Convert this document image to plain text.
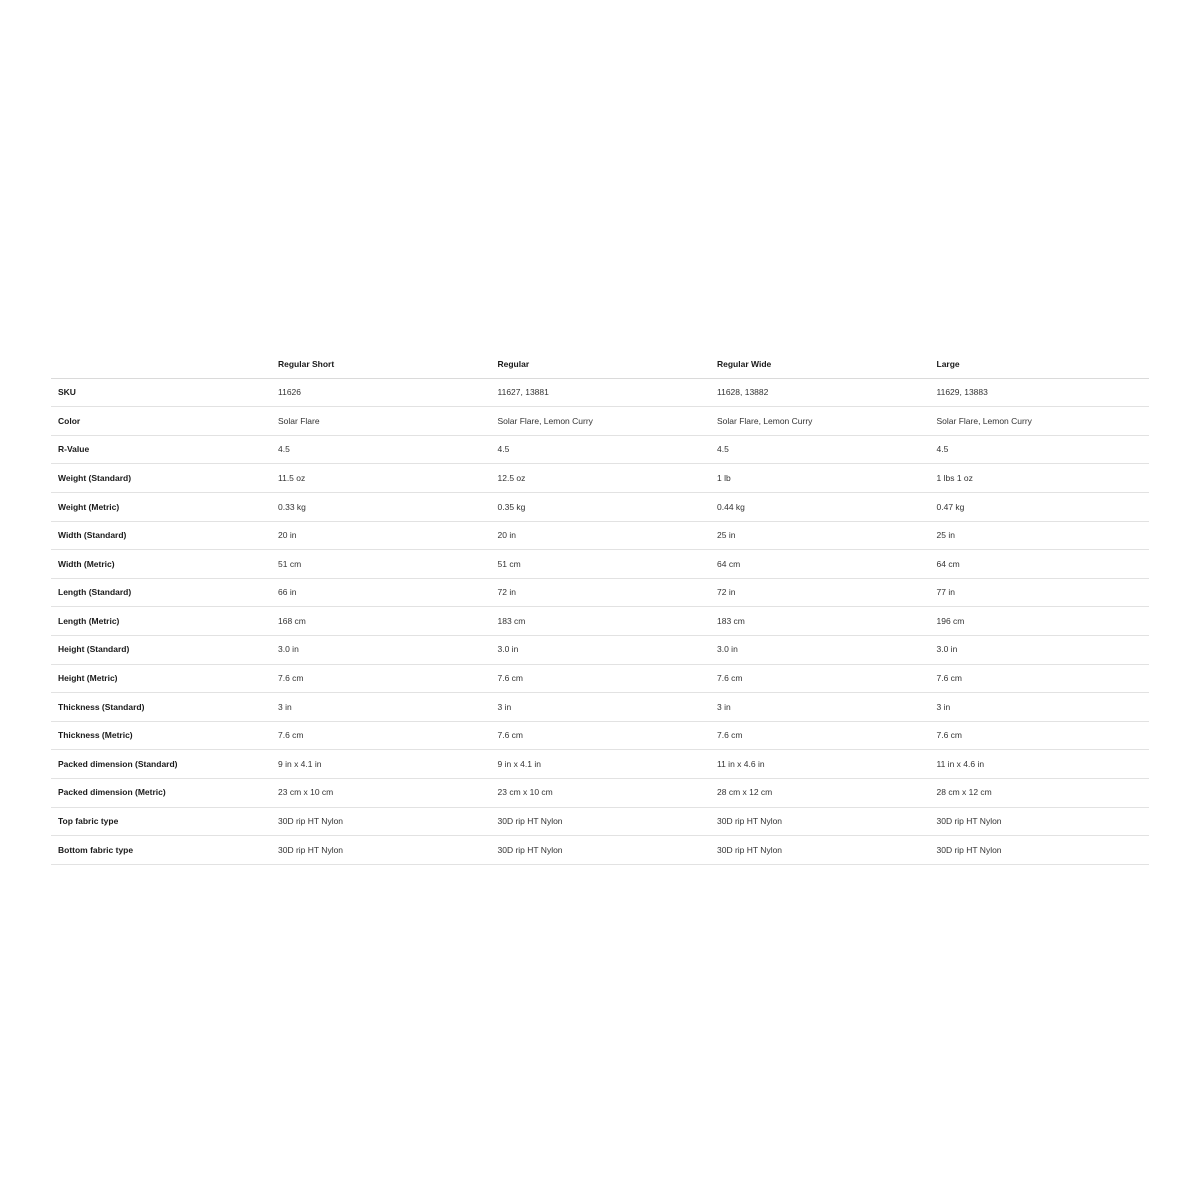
	Regular Short	Regular	Regular Wide	Large
SKU	11626	11627, 13881	11628, 13882	11629, 13883
Color	Solar Flare	Solar Flare, Lemon Curry	Solar Flare, Lemon Curry	Solar Flare, Lemon Curry
R-Value	4.5	4.5	4.5	4.5
Weight (Standard)	11.5 oz	12.5 oz	1 lb	1 lbs 1 oz
Weight (Metric)	0.33 kg	0.35 kg	0.44 kg	0.47 kg
Width (Standard)	20 in	20 in	25 in	25 in
Width (Metric)	51 cm	51 cm	64 cm	64 cm
Length (Standard)	66 in	72 in	72 in	77 in
Length (Metric)	168 cm	183 cm	183 cm	196 cm
Height (Standard)	3.0 in	3.0 in	3.0 in	3.0 in
Height (Metric)	7.6 cm	7.6 cm	7.6 cm	7.6 cm
Thickness (Standard)	3 in	3 in	3 in	3 in
Thickness (Metric)	7.6 cm	7.6 cm	7.6 cm	7.6 cm
Packed dimension (Standard)	9 in x 4.1 in	9 in x 4.1 in	11 in x 4.6 in	11 in x 4.6 in
Packed dimension (Metric)	23 cm x 10 cm	23 cm x 10 cm	28 cm x 12 cm	28 cm x 12 cm
Top fabric type	30D rip HT Nylon	30D rip HT Nylon	30D rip HT Nylon	30D rip HT Nylon
Bottom fabric type	30D rip HT Nylon	30D rip HT Nylon	30D rip HT Nylon	30D rip HT Nylon
